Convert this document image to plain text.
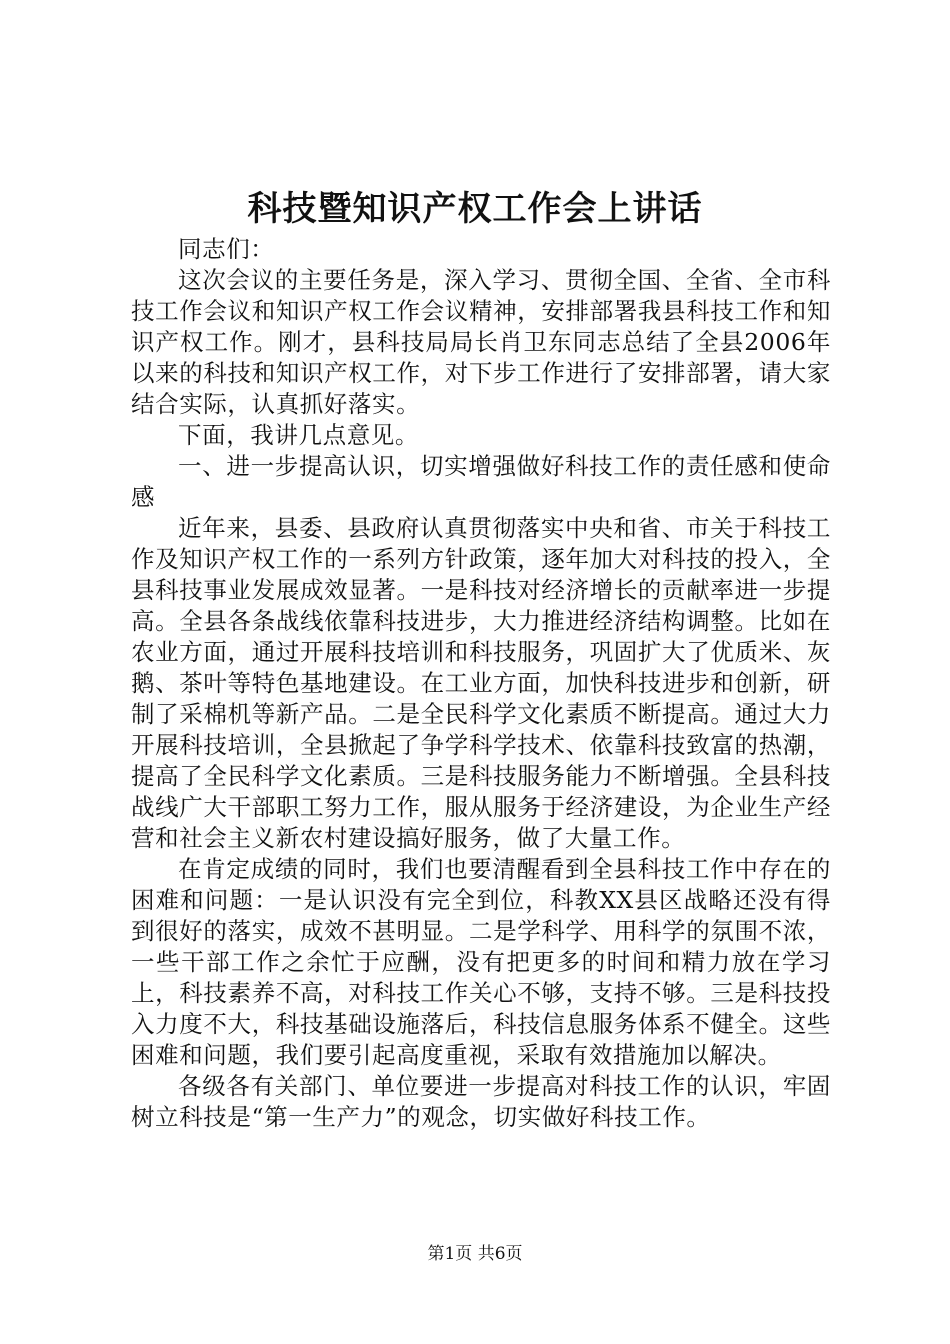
科技暨知识产权工作会上讲话

同志们：

这次会议的主要任务是，深入学习、贯彻全国、全省、全市科技工作会议和知识产权工作会议精神，安排部署我县科技工作和知识产权工作。刚才，县科技局局长肖卫东同志总结了全县2006年以来的科技和知识产权工作，对下步工作进行了安排部署，请大家结合实际，认真抓好落实。

下面，我讲几点意见。

一、进一步提高认识，切实增强做好科技工作的责任感和使命感

近年来，县委、县政府认真贯彻落实中央和省、市关于科技工作及知识产权工作的一系列方针政策，逐年加大对科技的投入，全县科技事业发展成效显著。一是科技对经济增长的贡献率进一步提高。全县各条战线依靠科技进步，大力推进经济结构调整。比如在农业方面，通过开展科技培训和科技服务，巩固扩大了优质米、灰鹅、茶叶等特色基地建设。在工业方面，加快科技进步和创新，研制了采棉机等新产品。二是全民科学文化素质不断提高。通过大力开展科技培训，全县掀起了争学科学技术、依靠科技致富的热潮，提高了全民科学文化素质。三是科技服务能力不断增强。全县科技战线广大干部职工努力工作，服从服务于经济建设，为企业生产经营和社会主义新农村建设搞好服务，做了大量工作。

在肯定成绩的同时，我们也要清醒看到全县科技工作中存在的困难和问题：一是认识没有完全到位，科教XX县区战略还没有得到很好的落实，成效不甚明显。二是学科学、用科学的氛围不浓，一些干部工作之余忙于应酬，没有把更多的时间和精力放在学习上，科技素养不高，对科技工作关心不够，支持不够。三是科技投入力度不大，科技基础设施落后，科技信息服务体系不健全。这些困难和问题，我们要引起高度重视，采取有效措施加以解决。

各级各有关部门、单位要进一步提高对科技工作的认识，牢固树立科技是“第一生产力”的观念，切实做好科技工作。

第1页 共6页
